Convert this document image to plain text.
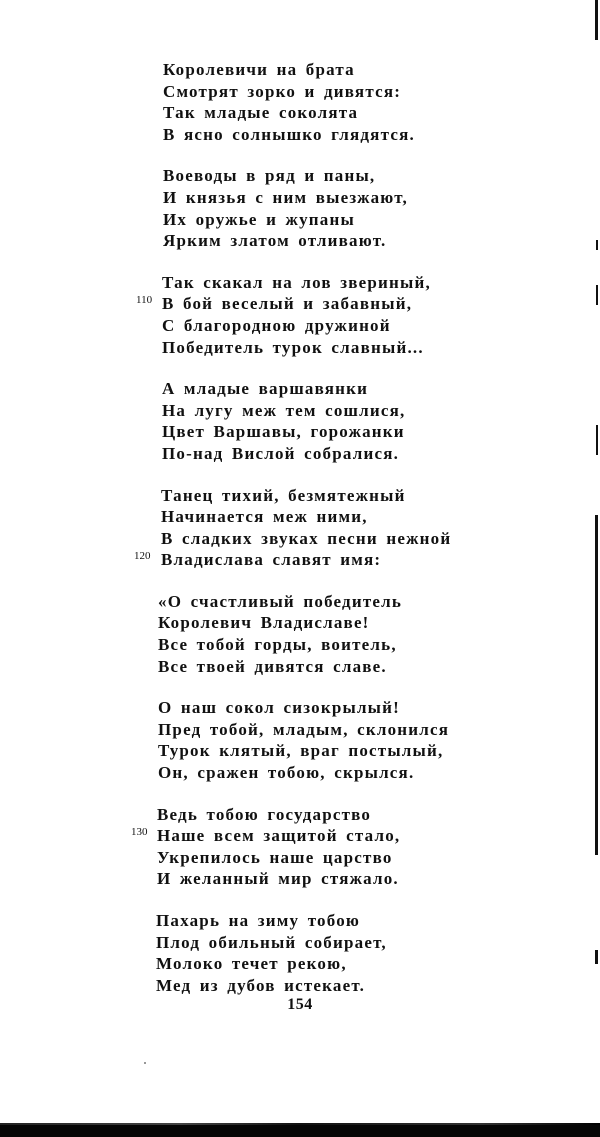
Королевичи на брата
Смотрят зорко и дивятся:
Так младые соколята
В ясно солнышко глядятся.
Воеводы в ряд и паны,
И князья с ним выезжают,
Их оружье и жупаны
Ярким златом отливают.
Так скакал на лов звериный,
110 В бой веселый и забавный,
С благородною дружиной
Победитель турок славный...
А младые варшавянки
На лугу меж тем сошлися,
Цвет Варшавы, горожанки
По-над Вислой собралися.
Танец тихий, безмятежный
Начинается меж ними,
В сладких звуках песни нежной
120 Владислава славят имя:
«О счастливый победитель
Королевич Владиславе!
Все тобой горды, воитель,
Все твоей дивятся славе.
О наш сокол сизокрылый!
Пред тобой, младым, склонился
Турок клятый, враг постылый,
Он, сражен тобою, скрылся.
Ведь тобою государство
130 Наше всем защитой стало,
Укрепилось наше царство
И желанный мир стяжало.
Пахарь на зиму тобою
Плод обильный собирает,
Молоко течет рекою,
Мед из дубов истекает.
154
